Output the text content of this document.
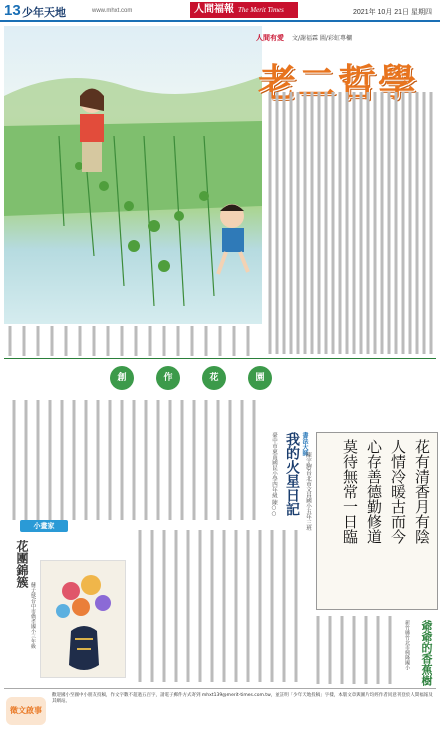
13 少年天地	www.mhxt.com	人間福報 The Merit Times	2021年 10月 21日 星期四
人間有愛 文/謝福霖 圖/彩虹專欄
老二哲學
創	作	花	園
我的火星日記
臺中市東南國民小學四年級 陳○○	書法大師
陳宇駒/台北市文昌國小五年三班	花有清香月有陰
人情冷暖古而今
心存善德勤修道
莫待無常一日臨
爺爺的香蕉樹
新竹縣竹北市興隆國小
小畫家
花團錦簇
蘇子葳/台中市僑孝國小三年級
徵文啟事

歡迎國小至國中小朋友投稿，作文字數不超過五百字，請電子郵件方式寄到 mhxt139@merit-times.com.tw，並註明「少年天地投稿」字樣，本版文章與圖片均經作者同意刊登於人間福報及其網站。
